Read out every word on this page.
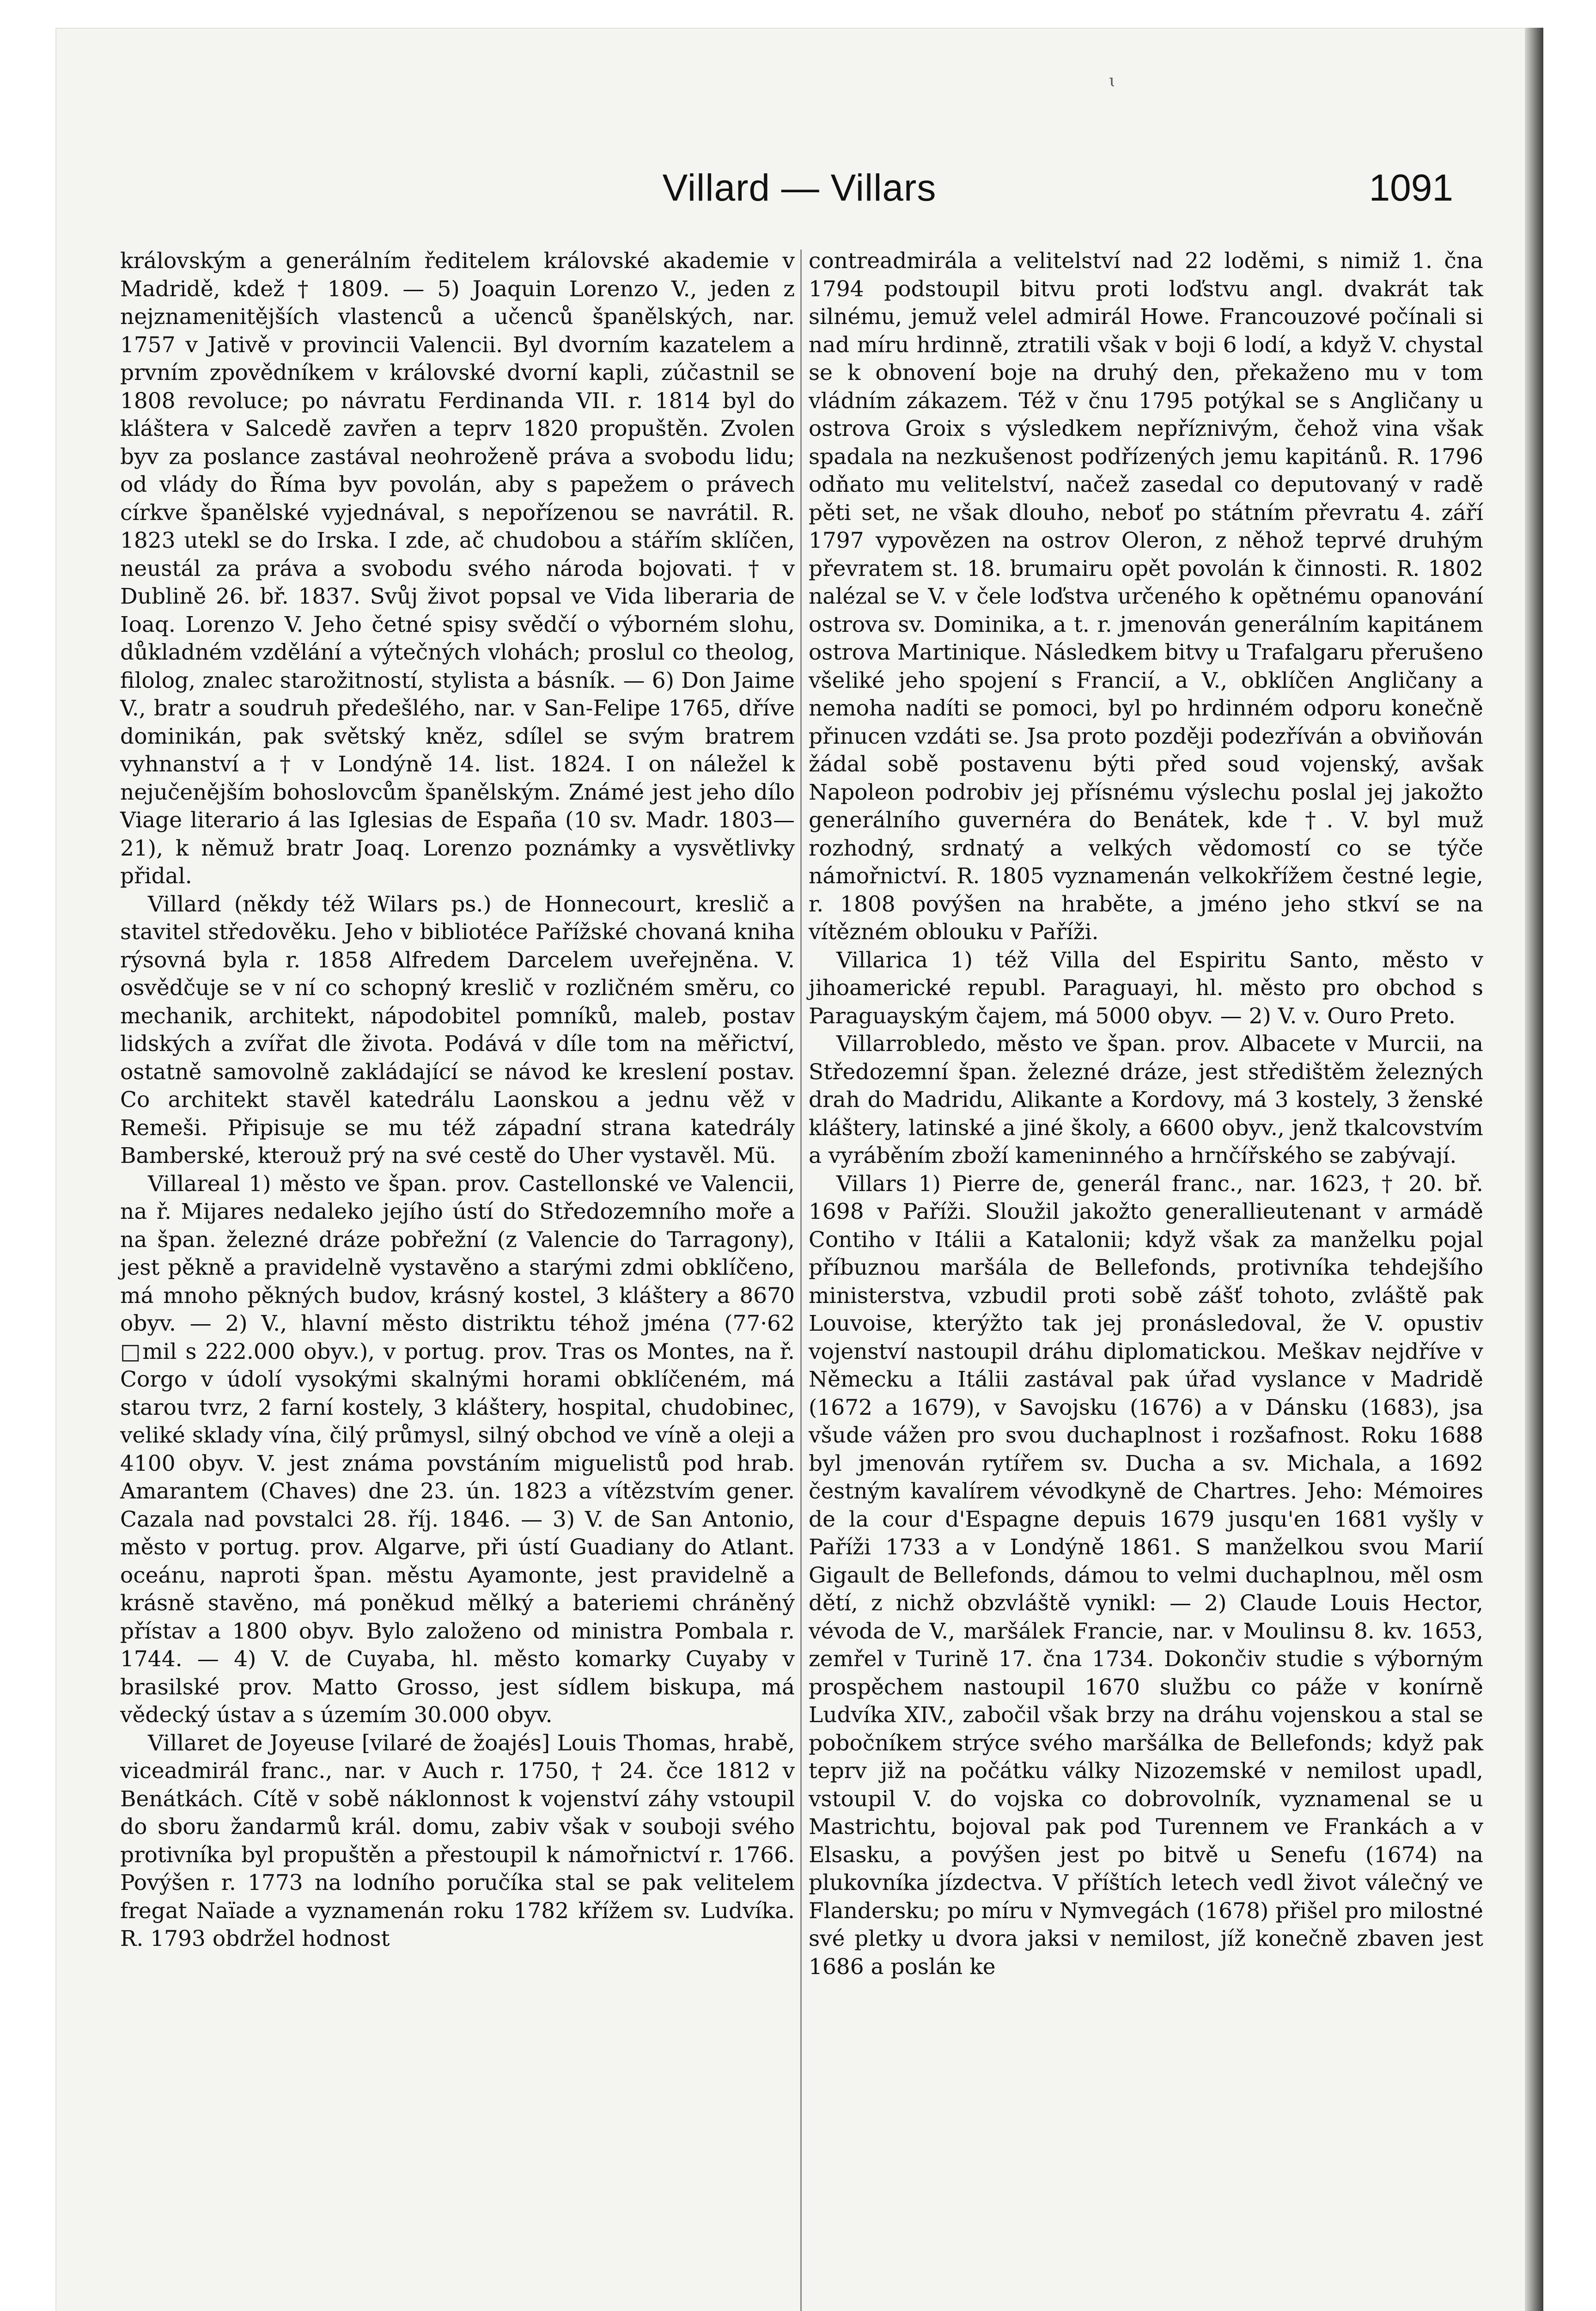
ɩ
Villard — Villars	1091

královským a generálním ředitelem královské akademie v Madridě, kdež † 1809. — 5) Joaquin Lorenzo V., jeden z nejznamenitějších vlastenců a učenců španělských, nar. 1757 v Jativě v provincii Valencii. Byl dvorním kazatelem a prvním zpovědníkem v královské dvorní kapli, zúčastnil se 1808 revoluce; po návratu Ferdinanda VII. r. 1814 byl do kláštera v Salcedě zavřen a teprv 1820 propuštěn. Zvolen byv za poslance zastával neohroženě práva a svobodu lidu; od vlády do Říma byv povolán, aby s papežem o právech církve španělské vyjednával, s nepořízenou se navrátil. R. 1823 utekl se do Irska. I zde, ač chudobou a stářím sklíčen, neustál za práva a svobodu svého národa bojovati. † v Dublině 26. bř. 1837. Svůj život popsal ve Vida liberaria de Ioaq. Lorenzo V. Jeho četné spisy svědčí o výborném slohu, důkladném vzdělání a výtečných vlohách; proslul co theolog, filolog, znalec starožitností, stylista a básník. — 6) Don Jaime V., bratr a soudruh předešlého, nar. v San-Felipe 1765, dříve dominikán, pak světský kněz, sdílel se svým bratrem vyhnanství a † v Londýně 14. list. 1824. I on náležel k nejučenějším bohoslovcům španělským. Známé jest jeho dílo Viage literario á las Iglesias de España (10 sv. Madr. 1803—21), k němuž bratr Joaq. Lorenzo poznámky a vysvětlivky přidal.

Villard (někdy též Wilars ps.) de Honnecourt, kreslič a stavitel středověku. Jeho v bibliotéce Pařížské chovaná kniha rýsovná byla r. 1858 Alfredem Darcelem uveřejněna. V. osvědčuje se v ní co schopný kreslič v rozličném směru, co mechanik, architekt, nápodobitel pomníků, maleb, postav lidských a zvířat dle života. Podává v díle tom na měřictví, ostatně samovolně zakládající se návod ke kreslení postav. Co architekt stavěl katedrálu Laonskou a jednu věž v Remeši. Připisuje se mu též západní strana katedrály Bamberské, kterouž prý na své cestě do Uher vystavěl. Mü.

Villareal 1) město ve špan. prov. Castellonské ve Valencii, na ř. Mijares nedaleko jejího ústí do Středozemního moře a na špan. železné dráze pobřežní (z Valencie do Tarragony), jest pěkně a pravidelně vystavěno a starými zdmi obklíčeno, má mnoho pěkných budov, krásný kostel, 3 kláštery a 8670 obyv. — 2) V., hlavní město distriktu téhož jména (77·62 □mil s 222.000 obyv.), v portug. prov. Tras os Montes, na ř. Corgo v údolí vysokými skalnými horami obklíčeném, má starou tvrz, 2 farní kostely, 3 kláštery, hospital, chudobinec, veliké sklady vína, čilý průmysl, silný obchod ve víně a oleji a 4100 obyv. V. jest známa povstáním miguelistů pod hrab. Amarantem (Chaves) dne 23. ún. 1823 a vítězstvím gener. Cazala nad povstalci 28. říj. 1846. — 3) V. de San Antonio, město v portug. prov. Algarve, při ústí Guadiany do Atlant. oceánu, naproti špan. městu Ayamonte, jest pravidelně a krásně stavěno, má poněkud mělký a bateriemi chráněný přístav a 1800 obyv. Bylo založeno od ministra Pombala r. 1744. — 4) V. de Cuyaba, hl. město komarky Cuyaby v brasilské prov. Matto Grosso, jest sídlem biskupa, má vědecký ústav a s územím 30.000 obyv.

Villaret de Joyeuse [vilaré de žoajés] Louis Thomas, hrabě, viceadmirál franc., nar. v Auch r. 1750, † 24. čce 1812 v Benátkách. Cítě v sobě náklonnost k vojenství záhy vstoupil do sboru žandarmů král. domu, zabiv však v souboji svého protivníka byl propuštěn a přestoupil k námořnictví r. 1766. Povýšen r. 1773 na lodního poručíka stal se pak velitelem fregat Naïade a vyznamenán roku 1782 křížem sv. Ludvíka. R. 1793 obdržel hodnost

contreadmirála a velitelství nad 22 loděmi, s nimiž 1. čna 1794 podstoupil bitvu proti loďstvu angl. dvakrát tak silnému, jemuž velel admirál Howe. Francouzové počínali si nad míru hrdinně, ztratili však v boji 6 lodí, a když V. chystal se k obnovení boje na druhý den, překaženo mu v tom vládním zákazem. Též v čnu 1795 potýkal se s Angličany u ostrova Groix s výsledkem nepříznivým, čehož vina však spadala na nezkušenost podřízených jemu kapitánů. R. 1796 odňato mu velitelství, načež zasedal co deputovaný v radě pěti set, ne však dlouho, neboť po státním převratu 4. září 1797 vypovězen na ostrov Oleron, z něhož teprvé druhým převratem st. 18. brumairu opět povolán k činnosti. R. 1802 nalézal se V. v čele loďstva určeného k opětnému opanování ostrova sv. Dominika, a t. r. jmenován generálním kapitánem ostrova Martinique. Následkem bitvy u Trafalgaru přerušeno všeliké jeho spojení s Francií, a V., obklíčen Angličany a nemoha nadíti se pomoci, byl po hrdinném odporu konečně přinucen vzdáti se. Jsa proto později podezříván a obviňován žádal sobě postavenu býti před soud vojenský, avšak Napoleon podrobiv jej přísnému výslechu poslal jej jakožto generálního guvernéra do Benátek, kde †. V. byl muž rozhodný, srdnatý a velkých vědomostí co se týče námořnictví. R. 1805 vyznamenán velkokřížem čestné legie, r. 1808 povýšen na hraběte, a jméno jeho stkví se na vítězném oblouku v Paříži.

Villarica 1) též Villa del Espiritu Santo, město v jihoamerické republ. Paraguayi, hl. město pro obchod s Paraguayským čajem, má 5000 obyv. — 2) V. v. Ouro Preto.

Villarrobledo, město ve špan. prov. Albacete v Murcii, na Středozemní špan. železné dráze, jest středištěm železných drah do Madridu, Alikante a Kordovy, má 3 kostely, 3 ženské kláštery, latinské a jiné školy, a 6600 obyv., jenž tkalcovstvím a vyráběním zboží kameninného a hrnčířského se zabývají.

Villars 1) Pierre de, generál franc., nar. 1623, † 20. bř. 1698 v Paříži. Sloužil jakožto generallieutenant v armádě Contiho v Itálii a Katalonii; když však za manželku pojal příbuznou maršála de Bellefonds, protivníka tehdejšího ministerstva, vzbudil proti sobě zášť tohoto, zvláště pak Louvoise, kterýžto tak jej pronásledoval, že V. opustiv vojenství nastoupil dráhu diplomatickou. Meškav nejdříve v Německu a Itálii zastával pak úřad vyslance v Madridě (1672 a 1679), v Savojsku (1676) a v Dánsku (1683), jsa všude vážen pro svou duchaplnost i rozšafnost. Roku 1688 byl jmenován rytířem sv. Ducha a sv. Michala, a 1692 čestným kavalírem vévodkyně de Chartres. Jeho: Mémoires de la cour d'Espagne depuis 1679 jusqu'en 1681 vyšly v Paříži 1733 a v Londýně 1861. S manželkou svou Marií Gigault de Bellefonds, dámou to velmi duchaplnou, měl osm dětí, z nichž obzvláště vynikl: — 2) Claude Louis Hector, vévoda de V., maršálek Francie, nar. v Moulinsu 8. kv. 1653, zemřel v Turině 17. čna 1734. Dokončiv studie s výborným prospěchem nastoupil 1670 službu co páže v konírně Ludvíka XIV., zabočil však brzy na dráhu vojenskou a stal se pobočníkem strýce svého maršálka de Bellefonds; když pak teprv již na počátku války Nizozemské v nemilost upadl, vstoupil V. do vojska co dobrovolník, vyznamenal se u Mastrichtu, bojoval pak pod Turennem ve Frankách a v Elsasku, a povýšen jest po bitvě u Senefu (1674) na plukovníka jízdectva. V příštích letech vedl život válečný ve Flandersku; po míru v Nymvegách (1678) přišel pro milostné své pletky u dvora jaksi v nemilost, jíž konečně zbaven jest 1686 a poslán ke
